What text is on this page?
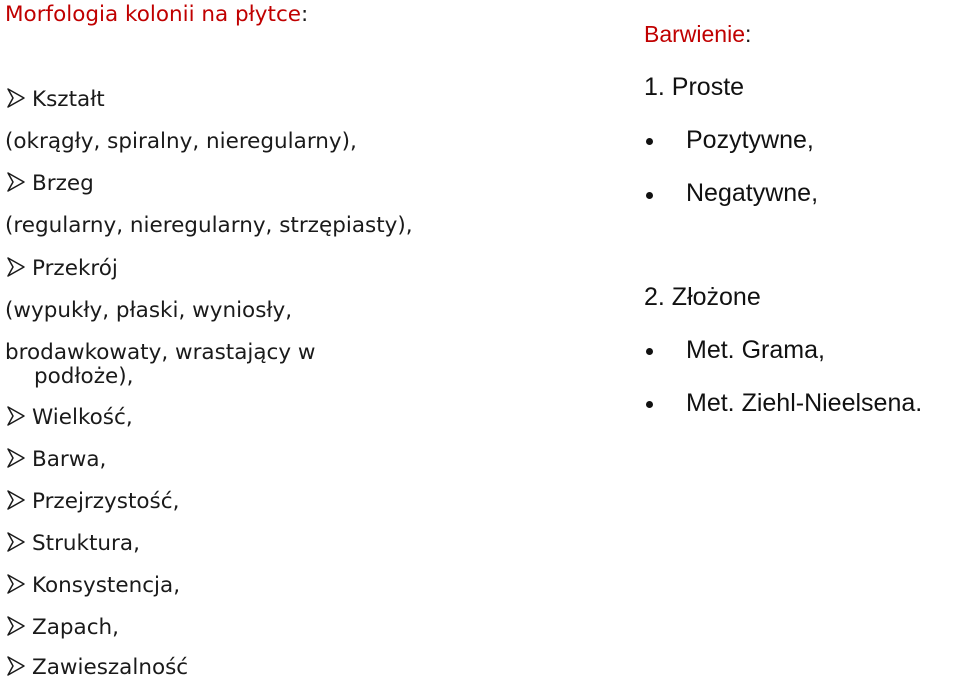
Morfologia kolonii na płytce:
Kształt
(okrągły, spiralny, nieregularny),
Brzeg
(regularny, nieregularny, strzępiasty),
Przekrój
(wypukły, płaski, wyniosły,
brodawkowaty, wrastający w
podłoże),
Wielkość,
Barwa,
Przejrzystość,
Struktura,
Konsystencja,
Zapach,
Zawieszalność
Barwienie:
1. Proste
Pozytywne,
Negatywne,
2. Złożone
Met. Grama,
Met. Ziehl-Nieelsena.
